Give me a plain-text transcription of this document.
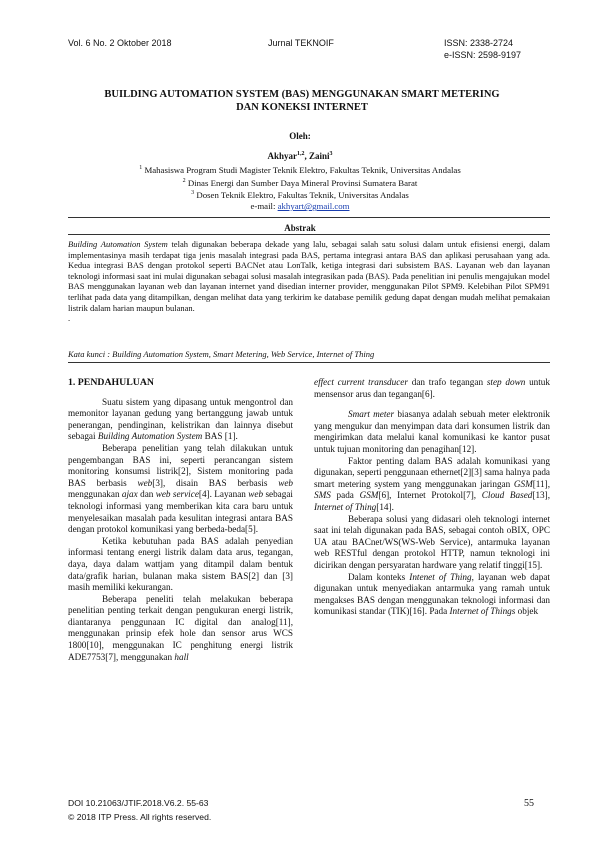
Vol. 6 No. 2 Oktober 2018	Jurnal TEKNOIF	ISSN: 2338-2724
e-ISSN: 2598-9197
BUILDING AUTOMATION SYSTEM (BAS) MENGGUNAKAN SMART METERING
DAN KONEKSI INTERNET
Oleh:
Akhyar$^{1,2}$, Zaini$^3$
$^1$ Mahasiswa Program Studi Magister Teknik Elektro, Fakultas Teknik, Universitas Andalas
$^2$ Dinas Energi dan Sumber Daya Mineral Provinsi Sumatera Barat
$^3$ Dosen Teknik Elektro, Fakultas Teknik, Universitas Andalas
e-mail: akhyart@gmail.com
Abstrak
Building Automation System telah digunakan beberapa dekade yang lalu, sebagai salah satu solusi dalam untuk efisiensi energi, dalam implementasinya masih terdapat tiga jenis masalah integrasi pada BAS, pertama integrasi antara BAS dan aplikasi perusahaan yang ada. Kedua integrasi BAS dengan protokol seperti BACNet atau LonTalk, ketiga integrasi dari subsistem BAS. Layanan web dan layanan teknologi informasi saat ini mulai digunakan sebagai solusi masalah integrasikan pada (BAS). Pada penelitian ini penulis mengajukan model BAS menggunakan layanan web dan layanan internet yand disedian interner provider, menggunakan Pilot SPM9. Kelebihan Pilot SPM91 terlihat pada data yang ditampilkan, dengan melihat data yang terkirim ke database pemilik gedung dapat dengan mudah melihat pemakaian listrik dalam harian maupun bulanan.
.
Kata kunci : Building Automation System, Smart Metering, Web Service, Internet of Thing
1. PENDAHULUAN

Suatu sistem yang dipasang untuk mengontrol dan memonitor layanan gedung yang bertanggung jawab untuk penerangan, pendinginan, kelistrikan dan lainnya disebut sebagai Building Automation System BAS [1].

Beberapa penelitian yang telah dilakukan untuk pengembangan BAS ini, seperti perancangan sistem monitoring konsumsi listrik[2], Sistem monitoring pada BAS berbasis web[3], disain BAS berbasis web menggunakan ajax dan web service[4]. Layanan web sebagai teknologi informasi yang memberikan kita cara baru untuk menyelesaikan masalah pada kesulitan integrasi antara BAS dengan protokol komunikasi yang berbeda-beda[5].

Ketika kebutuhan pada BAS adalah penyedian informasi tentang energi listrik dalam data arus, tegangan, daya, daya dalam wattjam yang ditampil dalam bentuk data/grafik harian, bulanan maka sistem BAS[2] dan [3] masih memiliki kekurangan.

Beberapa peneliti telah melakukan beberapa penelitian penting terkait dengan pengukuran energi listrik, diantaranya penggunaan IC digital dan analog[11], menggunakan prinsip efek hole dan sensor arus WCS 1800[10], menggunakan IC penghitung energi listrik ADE7753[7], menggunakan hall

effect current transducer dan trafo tegangan step down untuk mensensor arus dan tegangan[6].

Smart meter biasanya adalah sebuah meter elektronik yang mengukur dan menyimpan data dari konsumen listrik dan mengirimkan data melalui kanal komunikasi ke kantor pusat untuk tujuan monitoring dan penagihan[12].

Faktor penting dalam BAS adalah komunikasi yang digunakan, seperti penggunaan ethernet[2][3] sama halnya pada smart metering system yang menggunakan jaringan GSM[11], SMS pada GSM[6], Internet Protokol[7], Cloud Based[13], Internet of Thing[14].

Beberapa solusi yang didasari oleh teknologi internet saat ini telah digunakan pada BAS, sebagai contoh oBIX, OPC UA atau BACnet/WS(WS-Web Service), antarmuka layanan web RESTful dengan protokol HTTP, namun teknologi ini dicirikan dengan persyaratan hardware yang relatif tinggi[15].

Dalam konteks Intenet of Thing, layanan web dapat digunakan untuk menyediakan antarmuka yang ramah untuk mengakses BAS dengan menggunakan teknologi informasi dan komunikasi standar (TIK)[16]. Pada Internet of Things objek

DOI 10.21063/JTIF.2018.V6.2. 55-63
© 2018 ITP Press. All rights reserved.
55
